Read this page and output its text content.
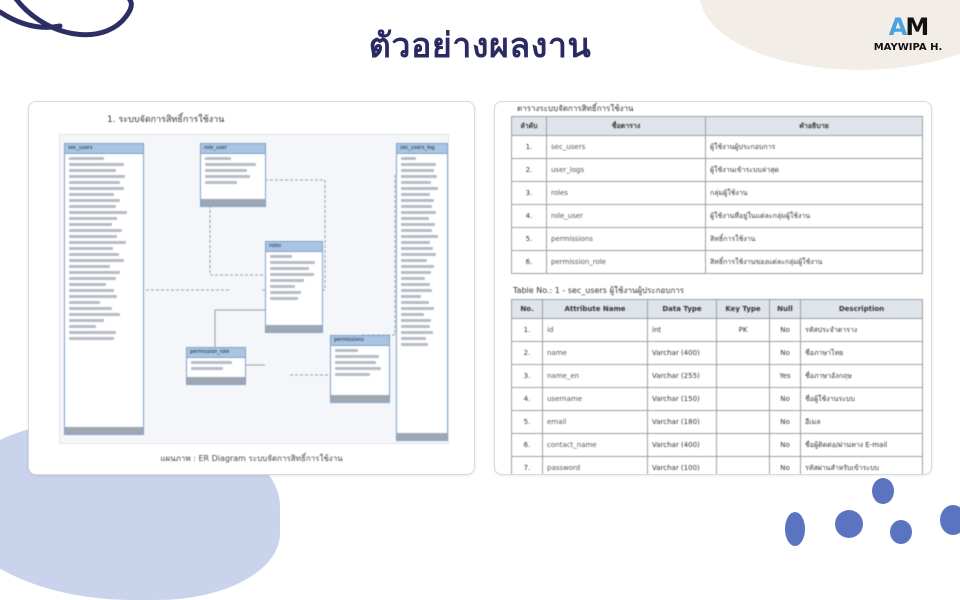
ตัวอย่างผลงาน	AM
MAYWIPA H.
1. ระบบจัดการสิทธิ์การใช้งาน
sec_users	role_user
roles
permission_role
permissions
sec_users_log
แผนภาพ : ER Diagram ระบบจัดการสิทธิ์การใช้งาน
ตารางระบบจัดการสิทธิ์การใช้งาน
ลำดับ	ชื่อตาราง	คำอธิบาย
1.	sec_users	ผู้ใช้งานผู้ประกอบการ
2.	user_logs	ผู้ใช้งานเข้าระบบล่าสุด
3.	roles	กลุ่มผู้ใช้งาน
4.	role_user	ผู้ใช้งานที่อยู่ในแต่ละกลุ่มผู้ใช้งาน
5.	permissions	สิทธิ์การใช้งาน
6.	permission_role	สิทธิ์การใช้งานของแต่ละกลุ่มผู้ใช้งาน
Table No.: 1 - sec_users ผู้ใช้งานผู้ประกอบการ
No.	Attribute Name	Data Type	Key Type	Null	Description
1.	id	int	PK	No	รหัสประจำตาราง
2.	name	Varchar (400)		No	ชื่อภาษาไทย
3.	name_en	Varchar (255)		Yes	ชื่อภาษาอังกฤษ
4.	username	Varchar (150)		No	ชื่อผู้ใช้งานระบบ
5.	email	Varchar (180)		No	อีเมล
6.	contact_name	Varchar (400)		No	ชื่อผู้ติดต่อ/ผ่านทาง E-mail
7.	password	Varchar (100)		No	รหัสผ่านสำหรับเข้าระบบ
